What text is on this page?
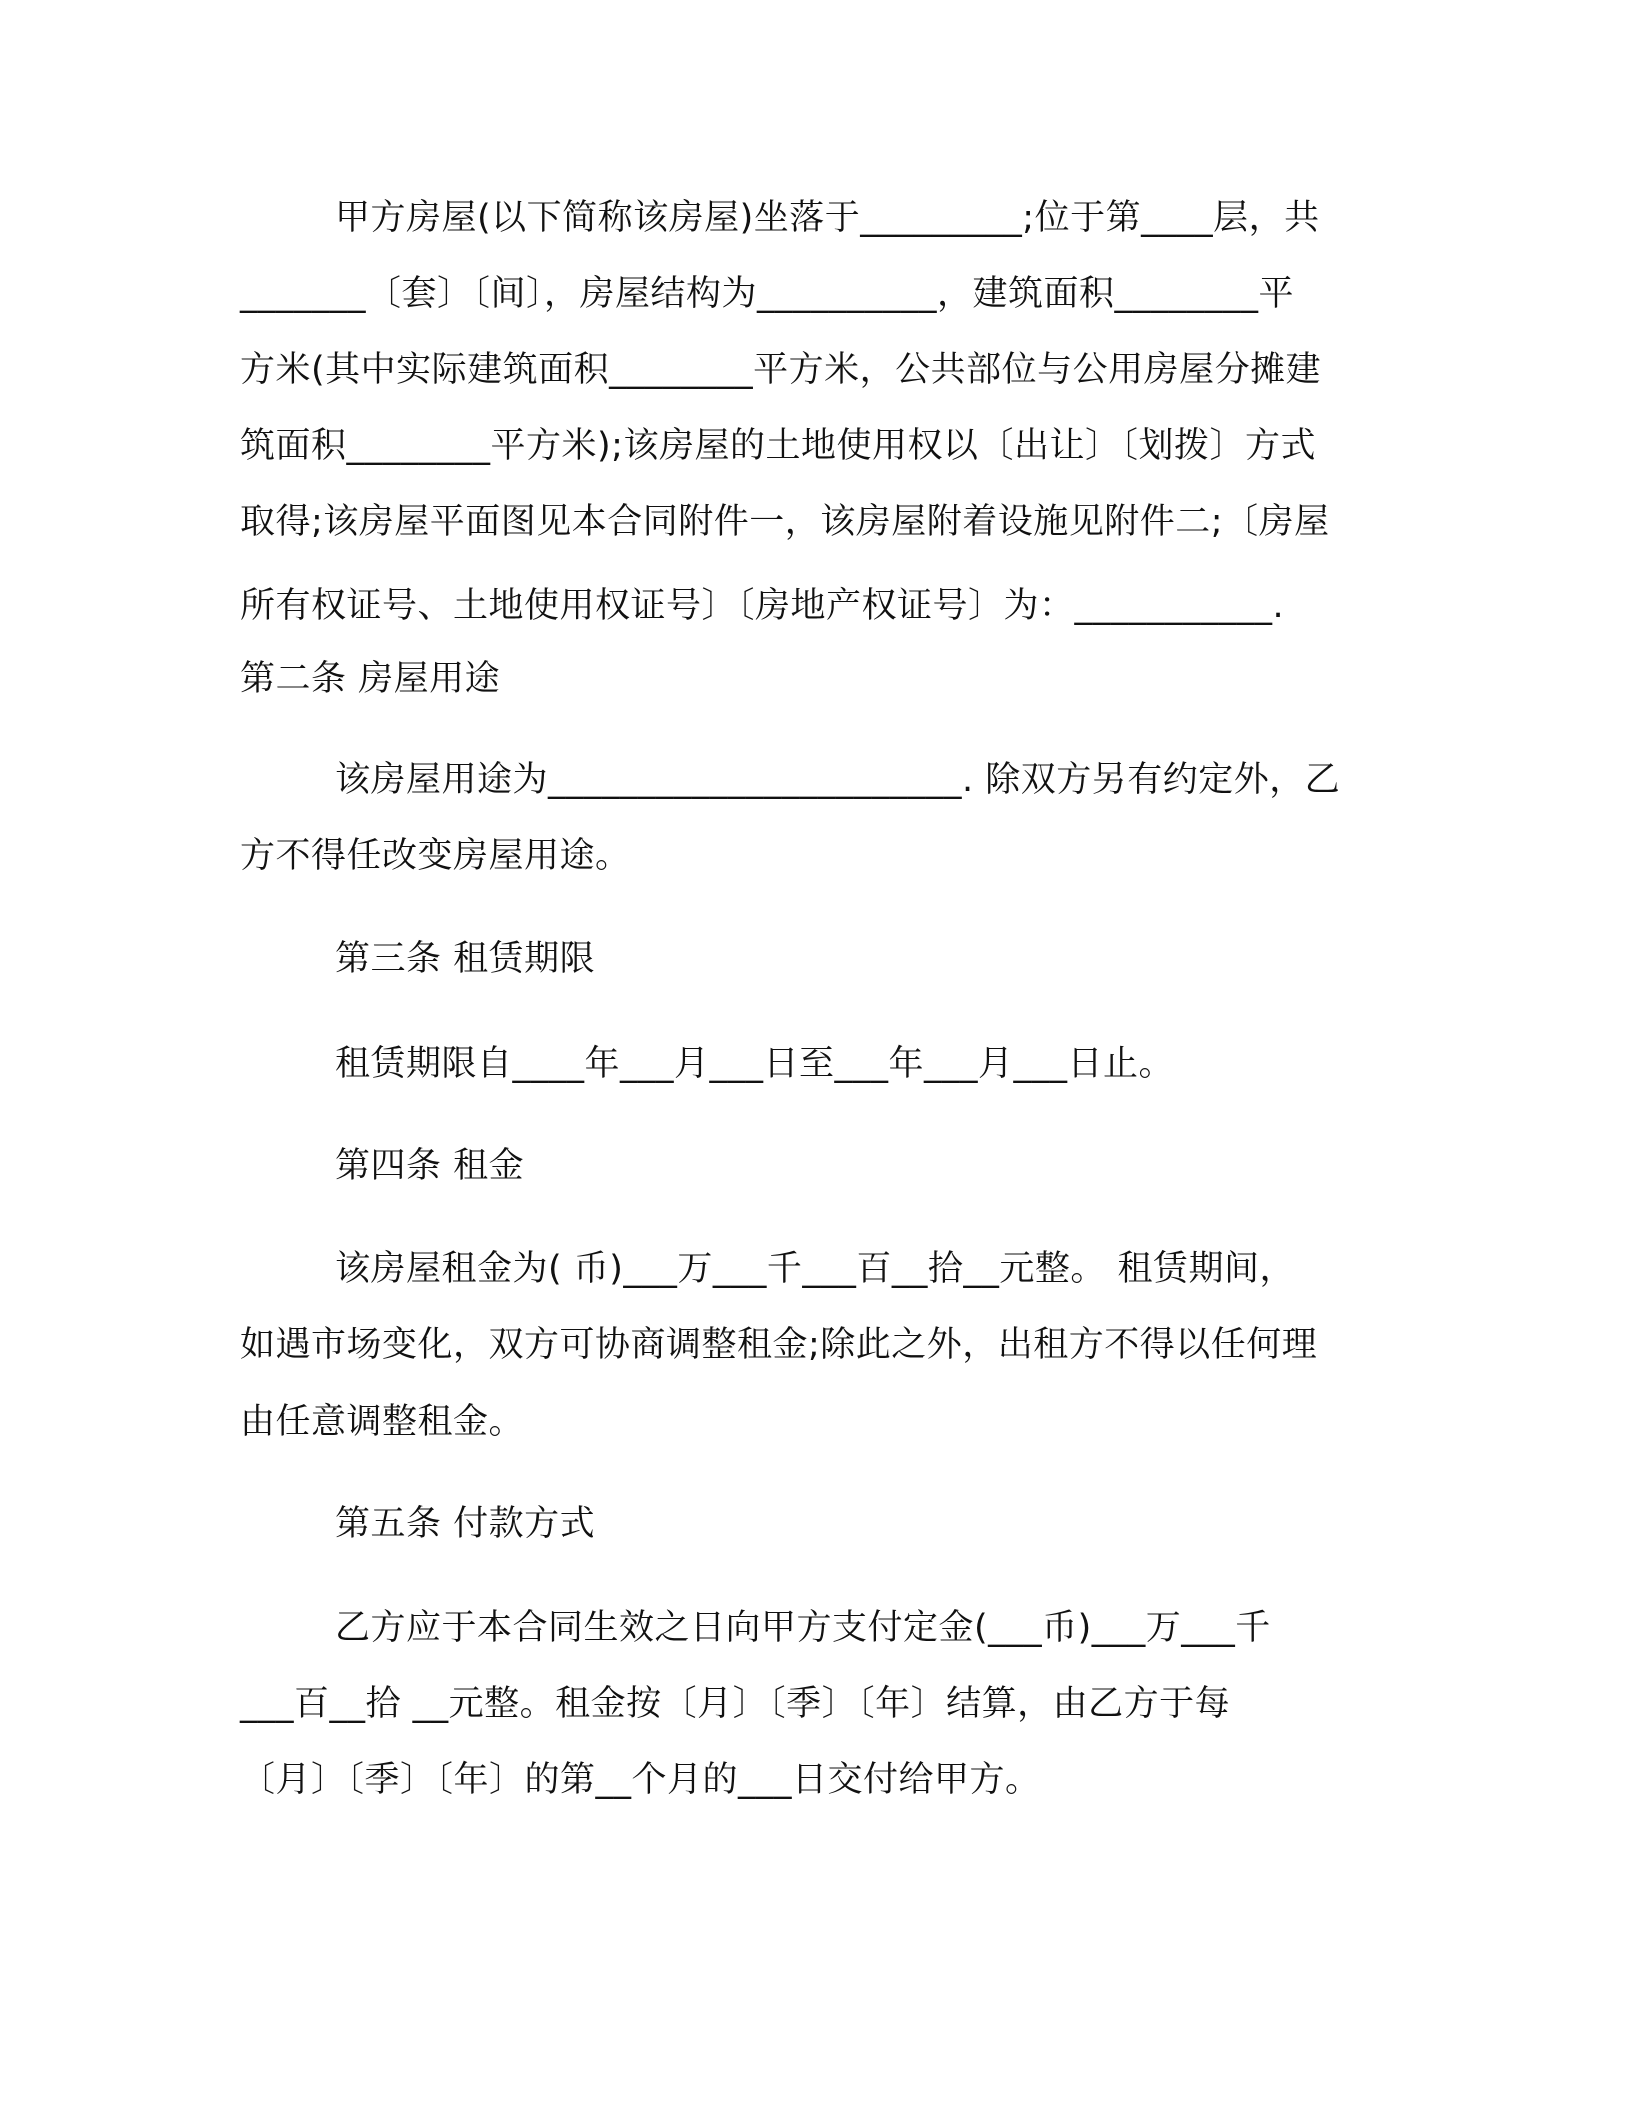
甲方房屋(以下简称该房屋)坐落于_________;位于第____层，共
_______〔套〕〔间〕，房屋结构为__________，建筑面积________平
方米(其中实际建筑面积________平方米，公共部位与公用房屋分摊建
筑面积________平方米);该房屋的土地使用权以〔出让〕〔划拨〕方式
取得;该房屋平面图见本合同附件一，该房屋附着设施见附件二;〔房屋
所有权证号、土地使用权证号〕〔房地产权证号〕为：___________.
第二条 房屋用途
该房屋用途为_______________________. 除双方另有约定外，乙
方不得任改变房屋用途。
第三条 租赁期限
租赁期限自____年___月___日至___年___月___日止。
第四条 租金
该房屋租金为( 币)___万___千___百__拾__元整。 租赁期间，
如遇市场变化，双方可协商调整租金;除此之外，出租方不得以任何理
由任意调整租金。
第五条 付款方式
乙方应于本合同生效之日向甲方支付定金(___币)___万___千
___百__拾 __元整。租金按〔月〕〔季〕〔年〕结算，由乙方于每
〔月〕〔季〕〔年〕的第__个月的___日交付给甲方。
